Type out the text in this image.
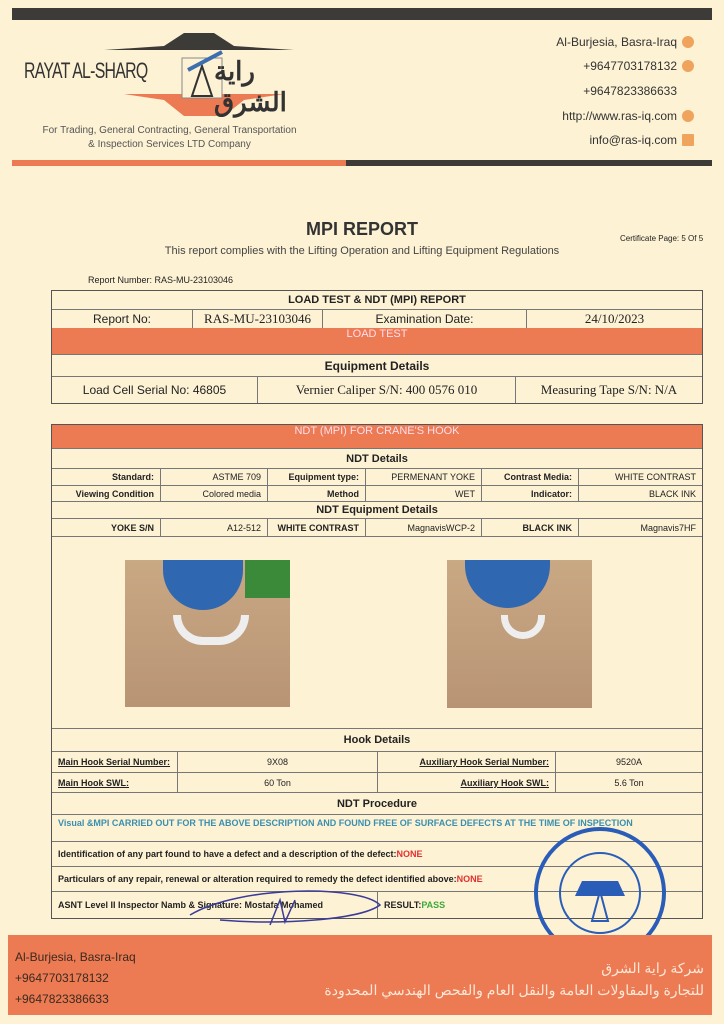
RAYAT AL-SHARQ	راية الشرق
For Trading, General Contracting, General Transportation
& Inspection Services LTD Company
Al-Burjesia, Basra-Iraq
+9647703178132
+9647823386633
http://www.ras-iq.com
info@ras-iq.com
MPI REPORT
This report complies with the Lifting Operation and Lifting Equipment Regulations
Certificate Page: 5 Of 5
Report Number: RAS-MU-23103046
LOAD TEST & NDT (MPI) REPORT
Report No:	RAS-MU-23103046	Examination Date:	24/10/2023
LOAD TEST
Equipment Details
Load Cell Serial No: 46805	Vernier Caliper S/N: 400 0576 010	Measuring Tape S/N: N/A
NDT (MPI) FOR CRANE'S HOOK
NDT Details
Standard:	ASTME 709	Equipment type:	PERMENANT YOKE	Contrast Media:	WHITE CONTRAST
Viewing Condition	Colored media	Method	WET	Indicator:	BLACK INK
NDT Equipment Details
YOKE S/N	A12-512	WHITE CONTRAST	MagnavisWCP-2	BLACK INK	Magnavis7HF
Hook Details
Main Hook Serial Number:	9X08	Auxiliary Hook Serial Number:	9520A
Main Hook SWL:	60 Ton	Auxiliary Hook SWL:	5.6 Ton
NDT Procedure
Visual &MPI CARRIED OUT FOR THE ABOVE DESCRIPTION AND FOUND FREE OF SURFACE DEFECTS AT THE TIME OF INSPECTION
Identification of any part found to have a defect and a description of the defect: NONE
Particulars of any repair, renewal or alteration required to remedy the defect identified above: NONE
ASNT Level II Inspector Namb & Signature: Mostafa Mohamed	RESULT: PASS
Al-Burjesia, Basra-Iraq
+9647703178132
+9647823386633
شركة راية الشرق
للتجارة والمقاولات العامة والنقل العام والفحص الهندسي المحدودة
